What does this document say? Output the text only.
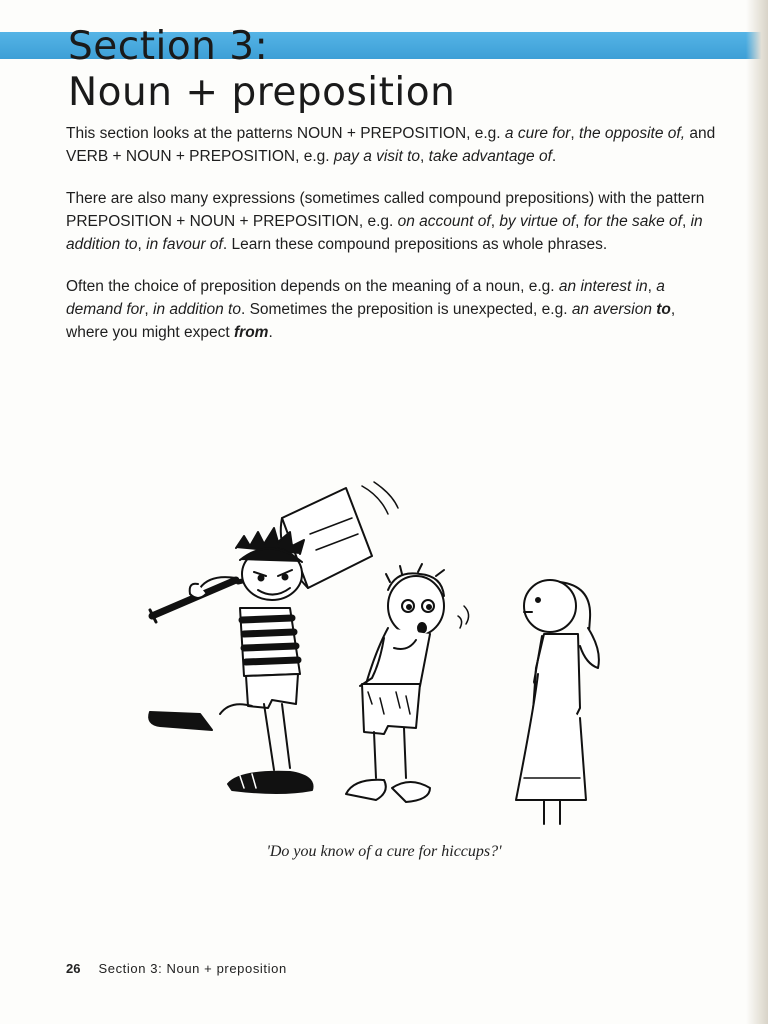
Section 3:
Noun + preposition

This section looks at the patterns NOUN + PREPOSITION, e.g. a cure for, the opposite of, and VERB + NOUN + PREPOSITION, e.g. pay a visit to, take advantage of.

There are also many expressions (sometimes called compound prepositions) with the pattern PREPOSITION + NOUN + PREPOSITION, e.g. on account of, by virtue of, for the sake of, in addition to, in favour of. Learn these compound prepositions as whole phrases.

Often the choice of preposition depends on the meaning of a noun, e.g. an interest in, a demand for, in addition to. Sometimes the preposition is unexpected, e.g. an aversion to, where you might expect from.

'Do you know of a cure for hiccups?'
26 Section 3: Noun + preposition
